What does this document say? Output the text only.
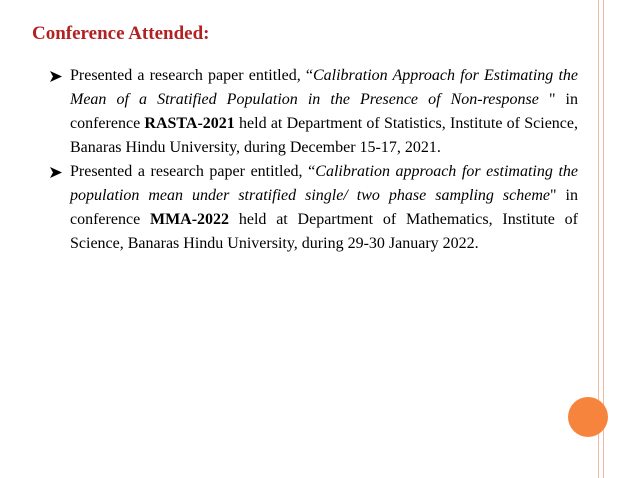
Conference Attended:
Presented a research paper entitled, “Calibration Approach for Estimating the Mean of a Stratified Population in the Presence of Non-response " in conference RASTA-2021 held at Department of Statistics, Institute of Science, Banaras Hindu University, during December 15-17, 2021.
Presented a research paper entitled, “Calibration approach for estimating the population mean under stratified single/ two phase sampling scheme" in conference MMA-2022 held at Department of Mathematics, Institute of Science, Banaras Hindu University, during 29-30 January 2022.
